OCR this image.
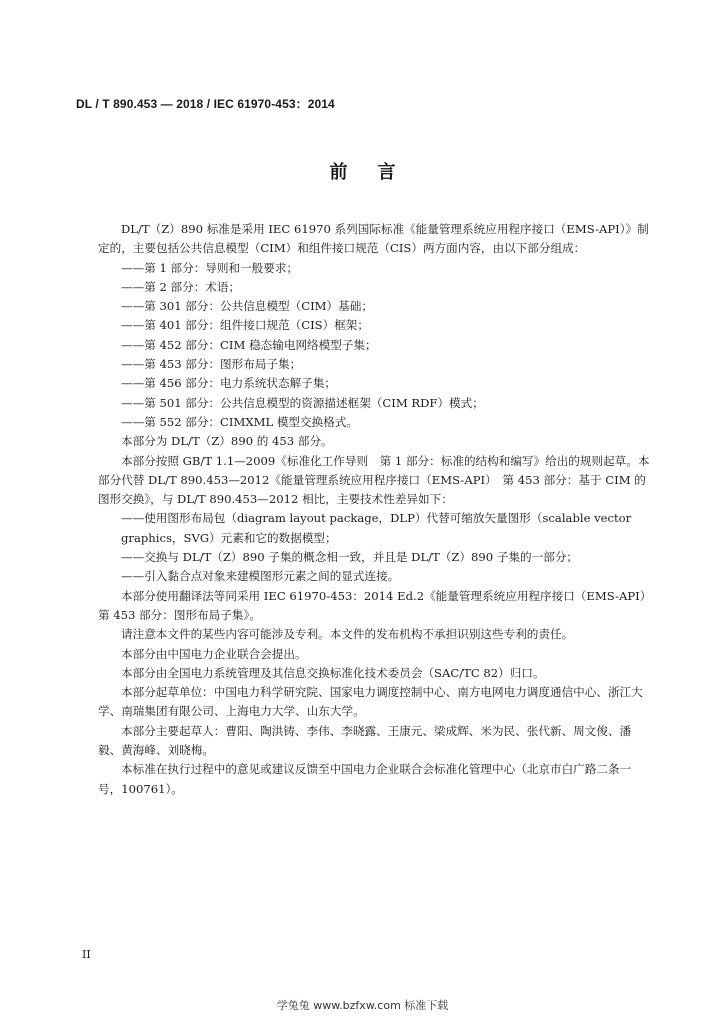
DL / T 890.453 — 2018 / IEC 61970-453：2014
前言

DL/T（Z）890 标准是采用 IEC 61970 系列国际标准《能量管理系统应用程序接口（EMS-API）》制定的，主要包括公共信息模型（CIM）和组件接口规范（CIS）两方面内容，由以下部分组成：

——第 1 部分：导则和一般要求；

——第 2 部分：术语；

——第 301 部分：公共信息模型（CIM）基础；

——第 401 部分：组件接口规范（CIS）框架；

——第 452 部分：CIM 稳态输电网络模型子集；

——第 453 部分：图形布局子集；

——第 456 部分：电力系统状态解子集；

——第 501 部分：公共信息模型的资源描述框架（CIM RDF）模式；

——第 552 部分：CIMXML 模型交换格式。

本部分为 DL/T（Z）890 的 453 部分。

本部分按照 GB/T 1.1—2009《标准化工作导则　第 1 部分：标准的结构和编写》给出的规则起草。本部分代替 DL/T 890.453—2012《能量管理系统应用程序接口（EMS-API）　第 453 部分：基于 CIM 的图形交换》，与 DL/T 890.453—2012 相比，主要技术性差异如下：

——使用图形布局包（diagram layout package，DLP）代替可缩放矢量图形（scalable vector graphics，SVG）元素和它的数据模型；

——交换与 DL/T（Z）890 子集的概念相一致，并且是 DL/T（Z）890 子集的一部分；

——引入黏合点对象来建模图形元素之间的显式连接。

本部分使用翻译法等同采用 IEC 61970-453：2014 Ed.2《能量管理系统应用程序接口（EMS-API）第 453 部分：图形布局子集》。

请注意本文件的某些内容可能涉及专利。本文件的发布机构不承担识别这些专利的责任。

本部分由中国电力企业联合会提出。

本部分由全国电力系统管理及其信息交换标准化技术委员会（SAC/TC 82）归口。

本部分起草单位：中国电力科学研究院、国家电力调度控制中心、南方电网电力调度通信中心、浙江大学、南瑞集团有限公司、上海电力大学、山东大学。

本部分主要起草人：曹阳、陶洪铸、李伟、李晓露、王康元、梁成辉、米为民、张代新、周文俊、潘毅、黄海峰、刘晓梅。

本标准在执行过程中的意见或建议反馈至中国电力企业联合会标准化管理中心（北京市白广路二条一号，100761）。

II
学兔兔 www.bzfxw.com 标准下载
